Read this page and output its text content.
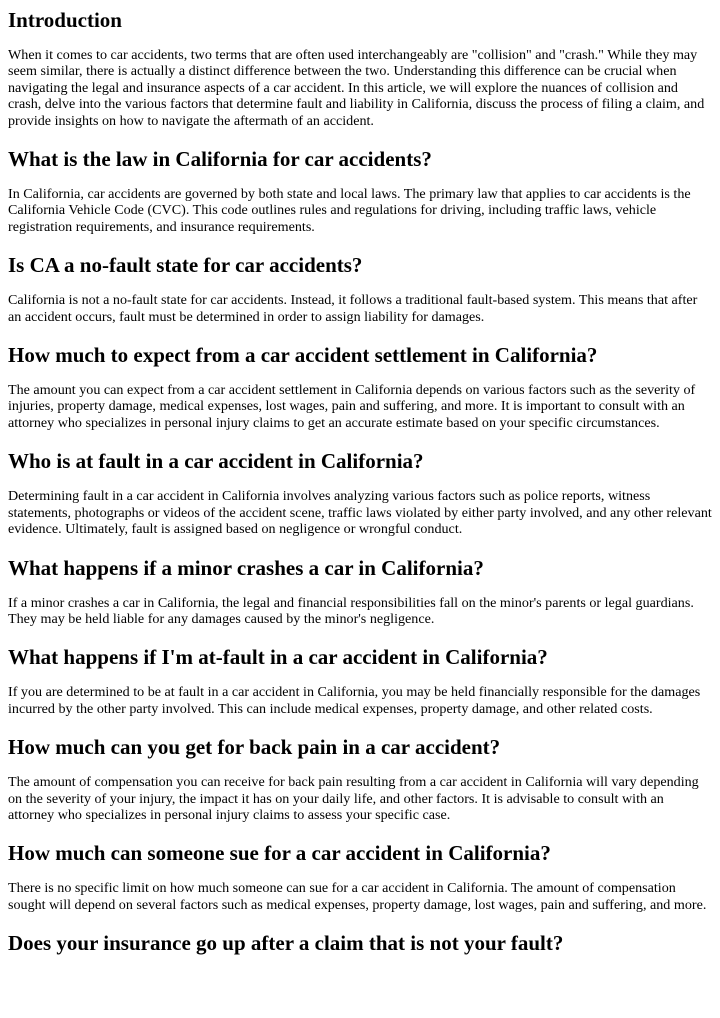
Introduction

When it comes to car accidents, two terms that are often used interchangeably are "collision" and "crash." While they may seem similar, there is actually a distinct difference between the two. Understanding this difference can be crucial when navigating the legal and insurance aspects of a car accident. In this article, we will explore the nuances of collision and crash, delve into the various factors that determine fault and liability in California, discuss the process of filing a claim, and provide insights on how to navigate the aftermath of an accident.

What is the law in California for car accidents?

In California, car accidents are governed by both state and local laws. The primary law that applies to car accidents is the California Vehicle Code (CVC). This code outlines rules and regulations for driving, including traffic laws, vehicle registration requirements, and insurance requirements.

Is CA a no-fault state for car accidents?

California is not a no-fault state for car accidents. Instead, it follows a traditional fault-based system. This means that after an accident occurs, fault must be determined in order to assign liability for damages.

How much to expect from a car accident settlement in California?

The amount you can expect from a car accident settlement in California depends on various factors such as the severity of injuries, property damage, medical expenses, lost wages, pain and suffering, and more. It is important to consult with an attorney who specializes in personal injury claims to get an accurate estimate based on your specific circumstances.

Who is at fault in a car accident in California?

Determining fault in a car accident in California involves analyzing various factors such as police reports, witness statements, photographs or videos of the accident scene, traffic laws violated by either party involved, and any other relevant evidence. Ultimately, fault is assigned based on negligence or wrongful conduct.

What happens if a minor crashes a car in California?

If a minor crashes a car in California, the legal and financial responsibilities fall on the minor's parents or legal guardians. They may be held liable for any damages caused by the minor's negligence.

What happens if I'm at-fault in a car accident in California?

If you are determined to be at fault in a car accident in California, you may be held financially responsible for the damages incurred by the other party involved. This can include medical expenses, property damage, and other related costs.

How much can you get for back pain in a car accident?

The amount of compensation you can receive for back pain resulting from a car accident in California will vary depending on the severity of your injury, the impact it has on your daily life, and other factors. It is advisable to consult with an attorney who specializes in personal injury claims to assess your specific case.

How much can someone sue for a car accident in California?

There is no specific limit on how much someone can sue for a car accident in California. The amount of compensation sought will depend on several factors such as medical expenses, property damage, lost wages, pain and suffering, and more.

Does your insurance go up after a claim that is not your fault?
